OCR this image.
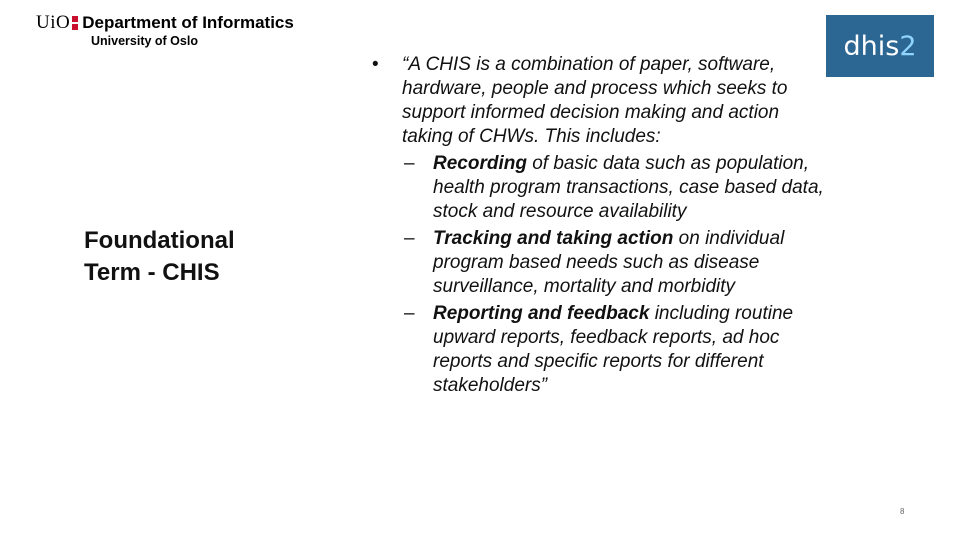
UiO Department of Informatics
University of Oslo	dhis 2
Foundational
Term - CHIS
• “A CHIS is a combination of paper, software, hardware, people and process which seeks to support informed decision making and action taking of CHWs. This includes:
– Recording of basic data such as population, health program transactions, case based data, stock and resource availability
– Tracking and taking action on individual program based needs such as disease surveillance, mortality and morbidity
– Reporting and feedback including routine upward reports, feedback reports, ad hoc reports and specific reports for different stakeholders”
8
